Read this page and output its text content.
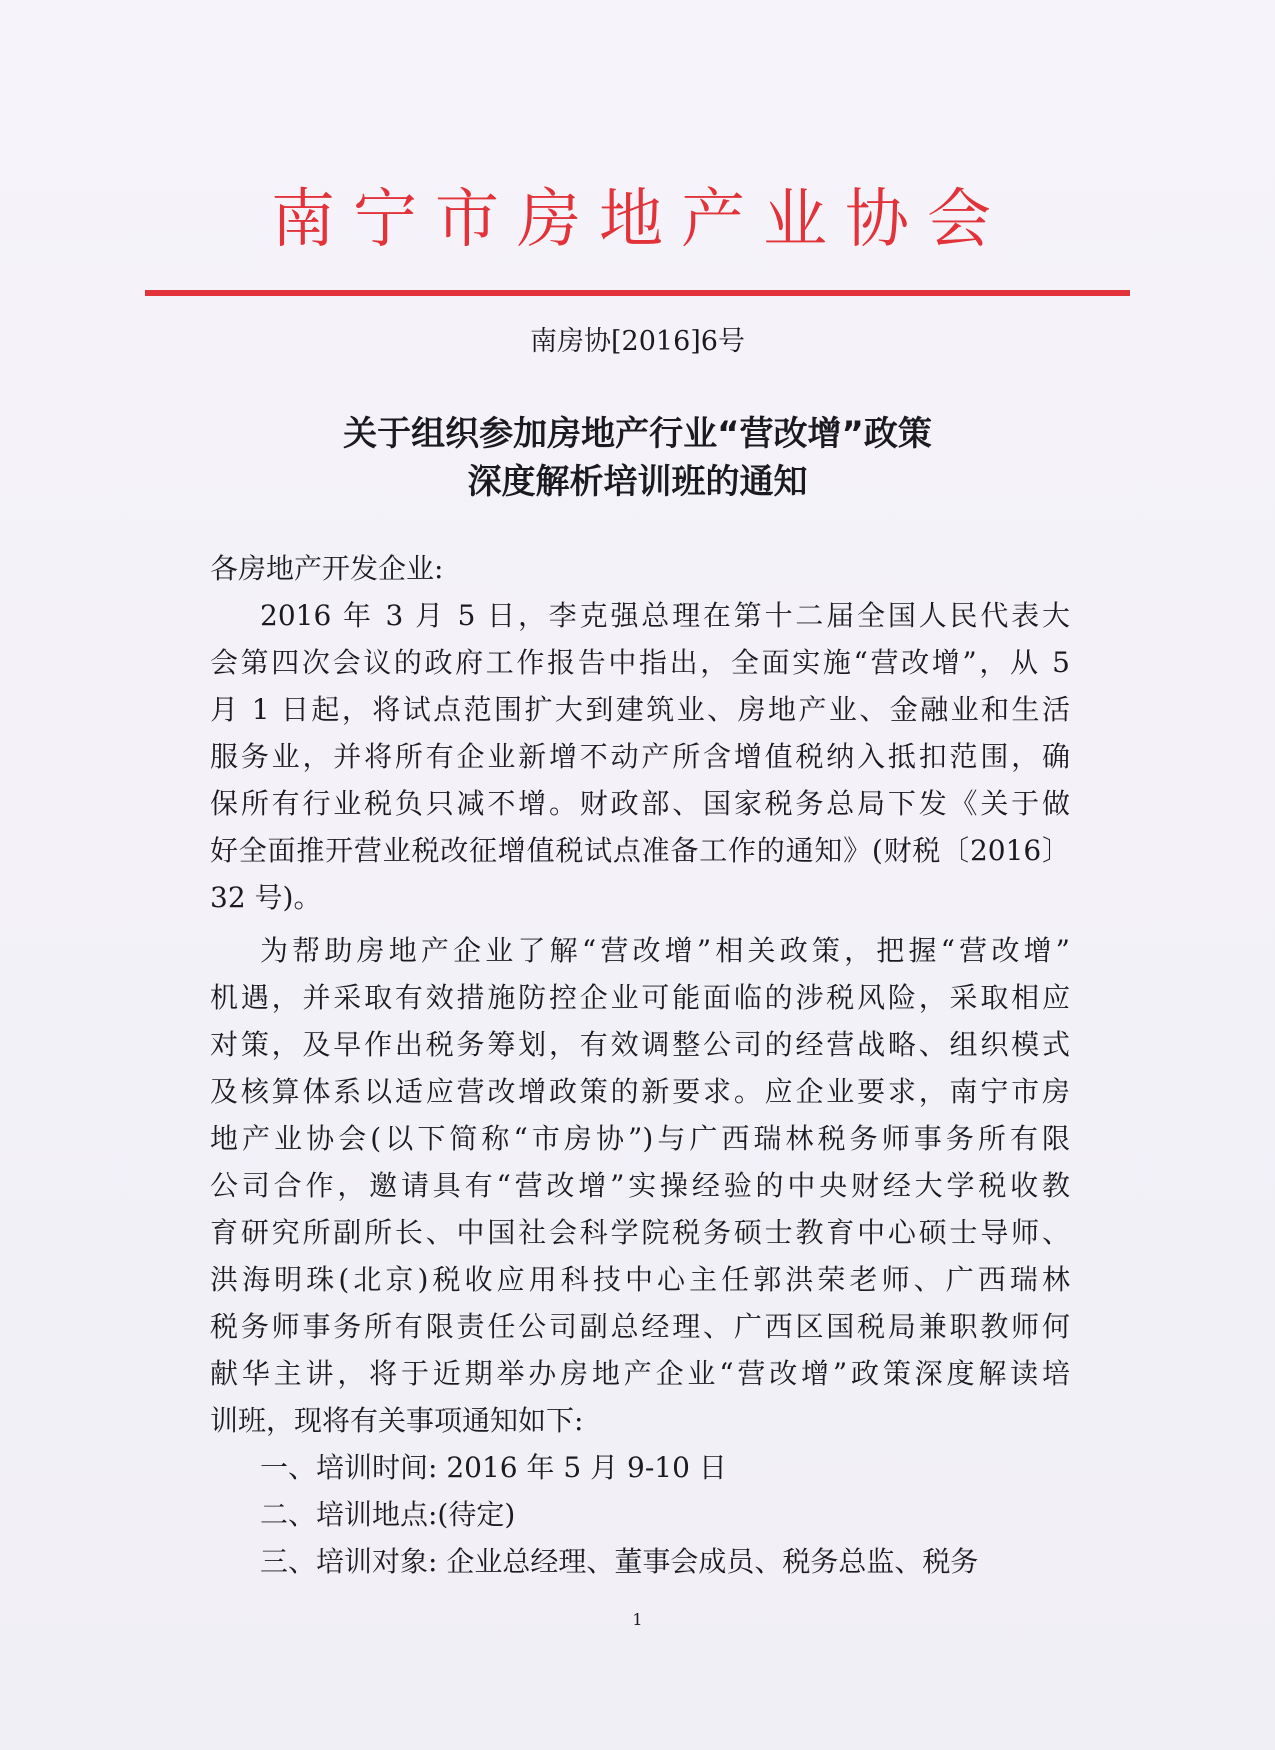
南宁市房地产业协会
南房协[2016]6号
关于组织参加房地产行业“营改增”政策
深度解析培训班的通知
各房地产开发企业:
2016 年 3 月 5 日，李克强总理在第十二届全国人民代表大
会第四次会议的政府工作报告中指出，全面实施“营改增”，从 5
月 1 日起，将试点范围扩大到建筑业、房地产业、金融业和生活
服务业，并将所有企业新增不动产所含增值税纳入抵扣范围，确
保所有行业税负只减不增。财政部、国家税务总局下发《关于做
好全面推开营业税改征增值税试点准备工作的通知》(财税〔2016〕
32 号)。
为帮助房地产企业了解“营改增”相关政策，把握“营改增”
机遇，并采取有效措施防控企业可能面临的涉税风险，采取相应
对策，及早作出税务筹划，有效调整公司的经营战略、组织模式
及核算体系以适应营改增政策的新要求。应企业要求，南宁市房
地产业协会(以下简称“市房协”)与广西瑞林税务师事务所有限
公司合作，邀请具有“营改增”实操经验的中央财经大学税收教
育研究所副所长、中国社会科学院税务硕士教育中心硕士导师、
洪海明珠(北京)税收应用科技中心主任郭洪荣老师、广西瑞林
税务师事务所有限责任公司副总经理、广西区国税局兼职教师何
献华主讲，将于近期举办房地产企业“营改增”政策深度解读培
训班，现将有关事项通知如下:
一、培训时间: 2016 年 5 月 9-10 日
二、培训地点:(待定)
三、培训对象: 企业总经理、董事会成员、税务总监、税务
1
